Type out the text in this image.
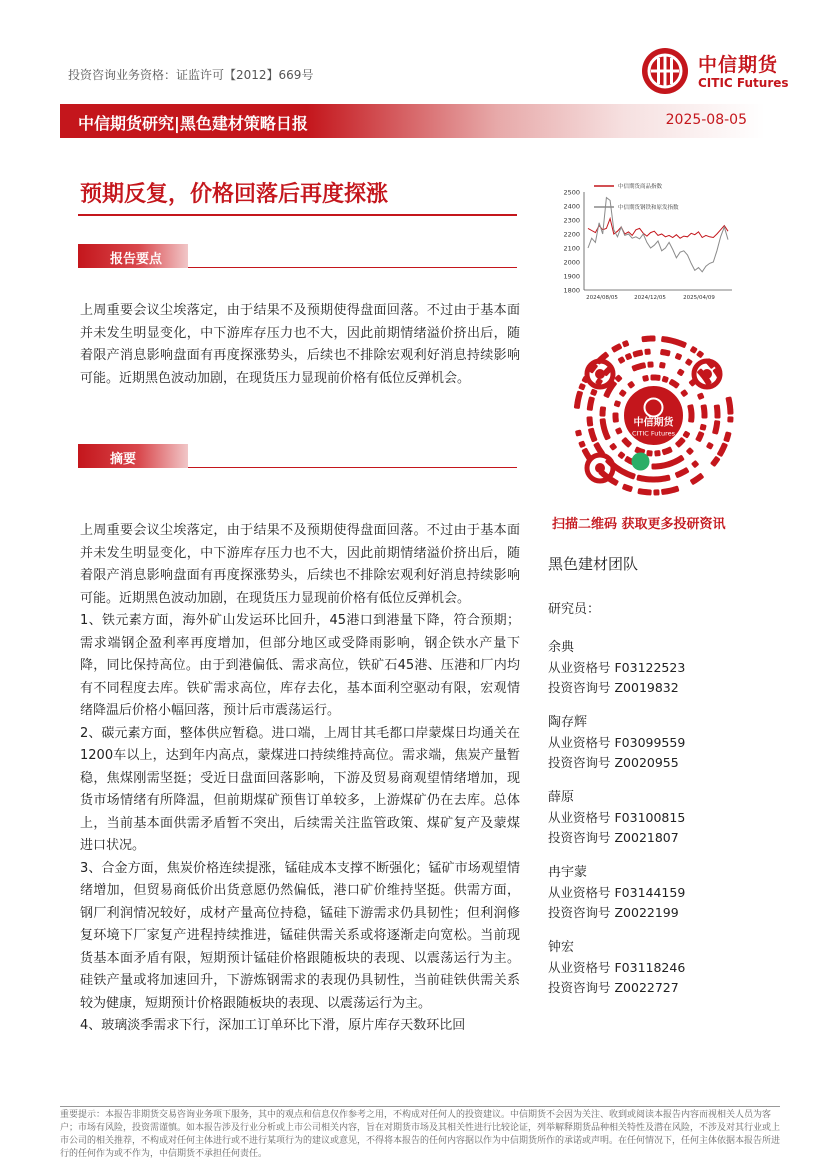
投资咨询业务资格：证监许可【2012】669号	中信期货
CITIC Futures
中信期货研究|黑色建材策略日报	2025-08-05
预期反复，价格回落后再度探涨
报告要点
上周重要会议尘埃落定，由于结果不及预期使得盘面回落。不过由于基本面并未发生明显变化，中下游库存压力也不大，因此前期情绪溢价挤出后，随着限产消息影响盘面有再度探涨势头，后续也不排除宏观利好消息持续影响可能。近期黑色波动加剧，在现货压力显现前价格有低位反弹机会。
摘要
上周重要会议尘埃落定，由于结果不及预期使得盘面回落。不过由于基本面并未发生明显变化，中下游库存压力也不大，因此前期情绪溢价挤出后，随着限产消息影响盘面有再度探涨势头，后续也不排除宏观利好消息持续影响可能。近期黑色波动加剧，在现货压力显现前价格有低位反弹机会。
1、铁元素方面，海外矿山发运环比回升，45港口到港量下降，符合预期；需求端钢企盈利率再度增加，但部分地区或受降雨影响，钢企铁水产量下降，同比保持高位。由于到港偏低、需求高位，铁矿石45港、压港和厂内均有不同程度去库。铁矿需求高位，库存去化，基本面利空驱动有限，宏观情绪降温后价格小幅回落，预计后市震荡运行。
2、碳元素方面，整体供应暂稳。进口端，上周甘其毛都口岸蒙煤日均通关在1200车以上，达到年内高点，蒙煤进口持续维持高位。需求端，焦炭产量暂稳，焦煤刚需坚挺；受近日盘面回落影响，下游及贸易商观望情绪增加，现货市场情绪有所降温，但前期煤矿预售订单较多，上游煤矿仍在去库。总体上，当前基本面供需矛盾暂不突出，后续需关注监管政策、煤矿复产及蒙煤进口状况。
3、合金方面，焦炭价格连续提涨，锰硅成本支撑不断强化；锰矿市场观望情绪增加，但贸易商低价出货意愿仍然偏低，港口矿价维持坚挺。供需方面，钢厂利润情况较好，成材产量高位持稳，锰硅下游需求仍具韧性；但利润修复环境下厂家复产进程持续推进，锰硅供需关系或将逐渐走向宽松。当前现货基本面矛盾有限，短期预计锰硅价格跟随板块的表现、以震荡运行为主。硅铁产量或将加速回升，下游炼钢需求的表现仍具韧性，当前硅铁供需关系较为健康，短期预计价格跟随板块的表现、以震荡运行为主。
4、玻璃淡季需求下行，深加工订单环比下滑，原片库存天数环比回
1800
1900
2000
2100
2200
2300
2400
2500
2024/08/05	2024/12/05	2025/04/09
中信期货商品指数
中信期货钢铁和原发指数
中信期货
CITIC Futures
扫描二维码 获取更多投研资讯
黑色建材团队
研究员：
余典
从业资格号 F03122523
投资咨询号 Z0019832
陶存辉
从业资格号 F03099559
投资咨询号 Z0020955
薛原
从业资格号 F03100815
投资咨询号 Z0021807
冉宇蒙
从业资格号 F03144159
投资咨询号 Z0022199
钟宏
从业资格号 F03118246
投资咨询号 Z0022727
重要提示：本报告非期货交易咨询业务项下服务，其中的观点和信息仅作参考之用，不构成对任何人的投资建议。中信期货不会因为关注、收到或阅读本报告内容而视相关人员为客户；市场有风险，投资需谨慎。如本报告涉及行业分析或上市公司相关内容，旨在对期货市场及其相关性进行比较论证，列举解释期货品种相关特性及潜在风险，不涉及对其行业或上市公司的相关推荐，不构成对任何主体进行或不进行某项行为的建议或意见，不得将本报告的任何内容据以作为中信期货所作的承诺或声明。在任何情况下，任何主体依据本报告所进行的任何作为或不作为，中信期货不承担任何责任。
